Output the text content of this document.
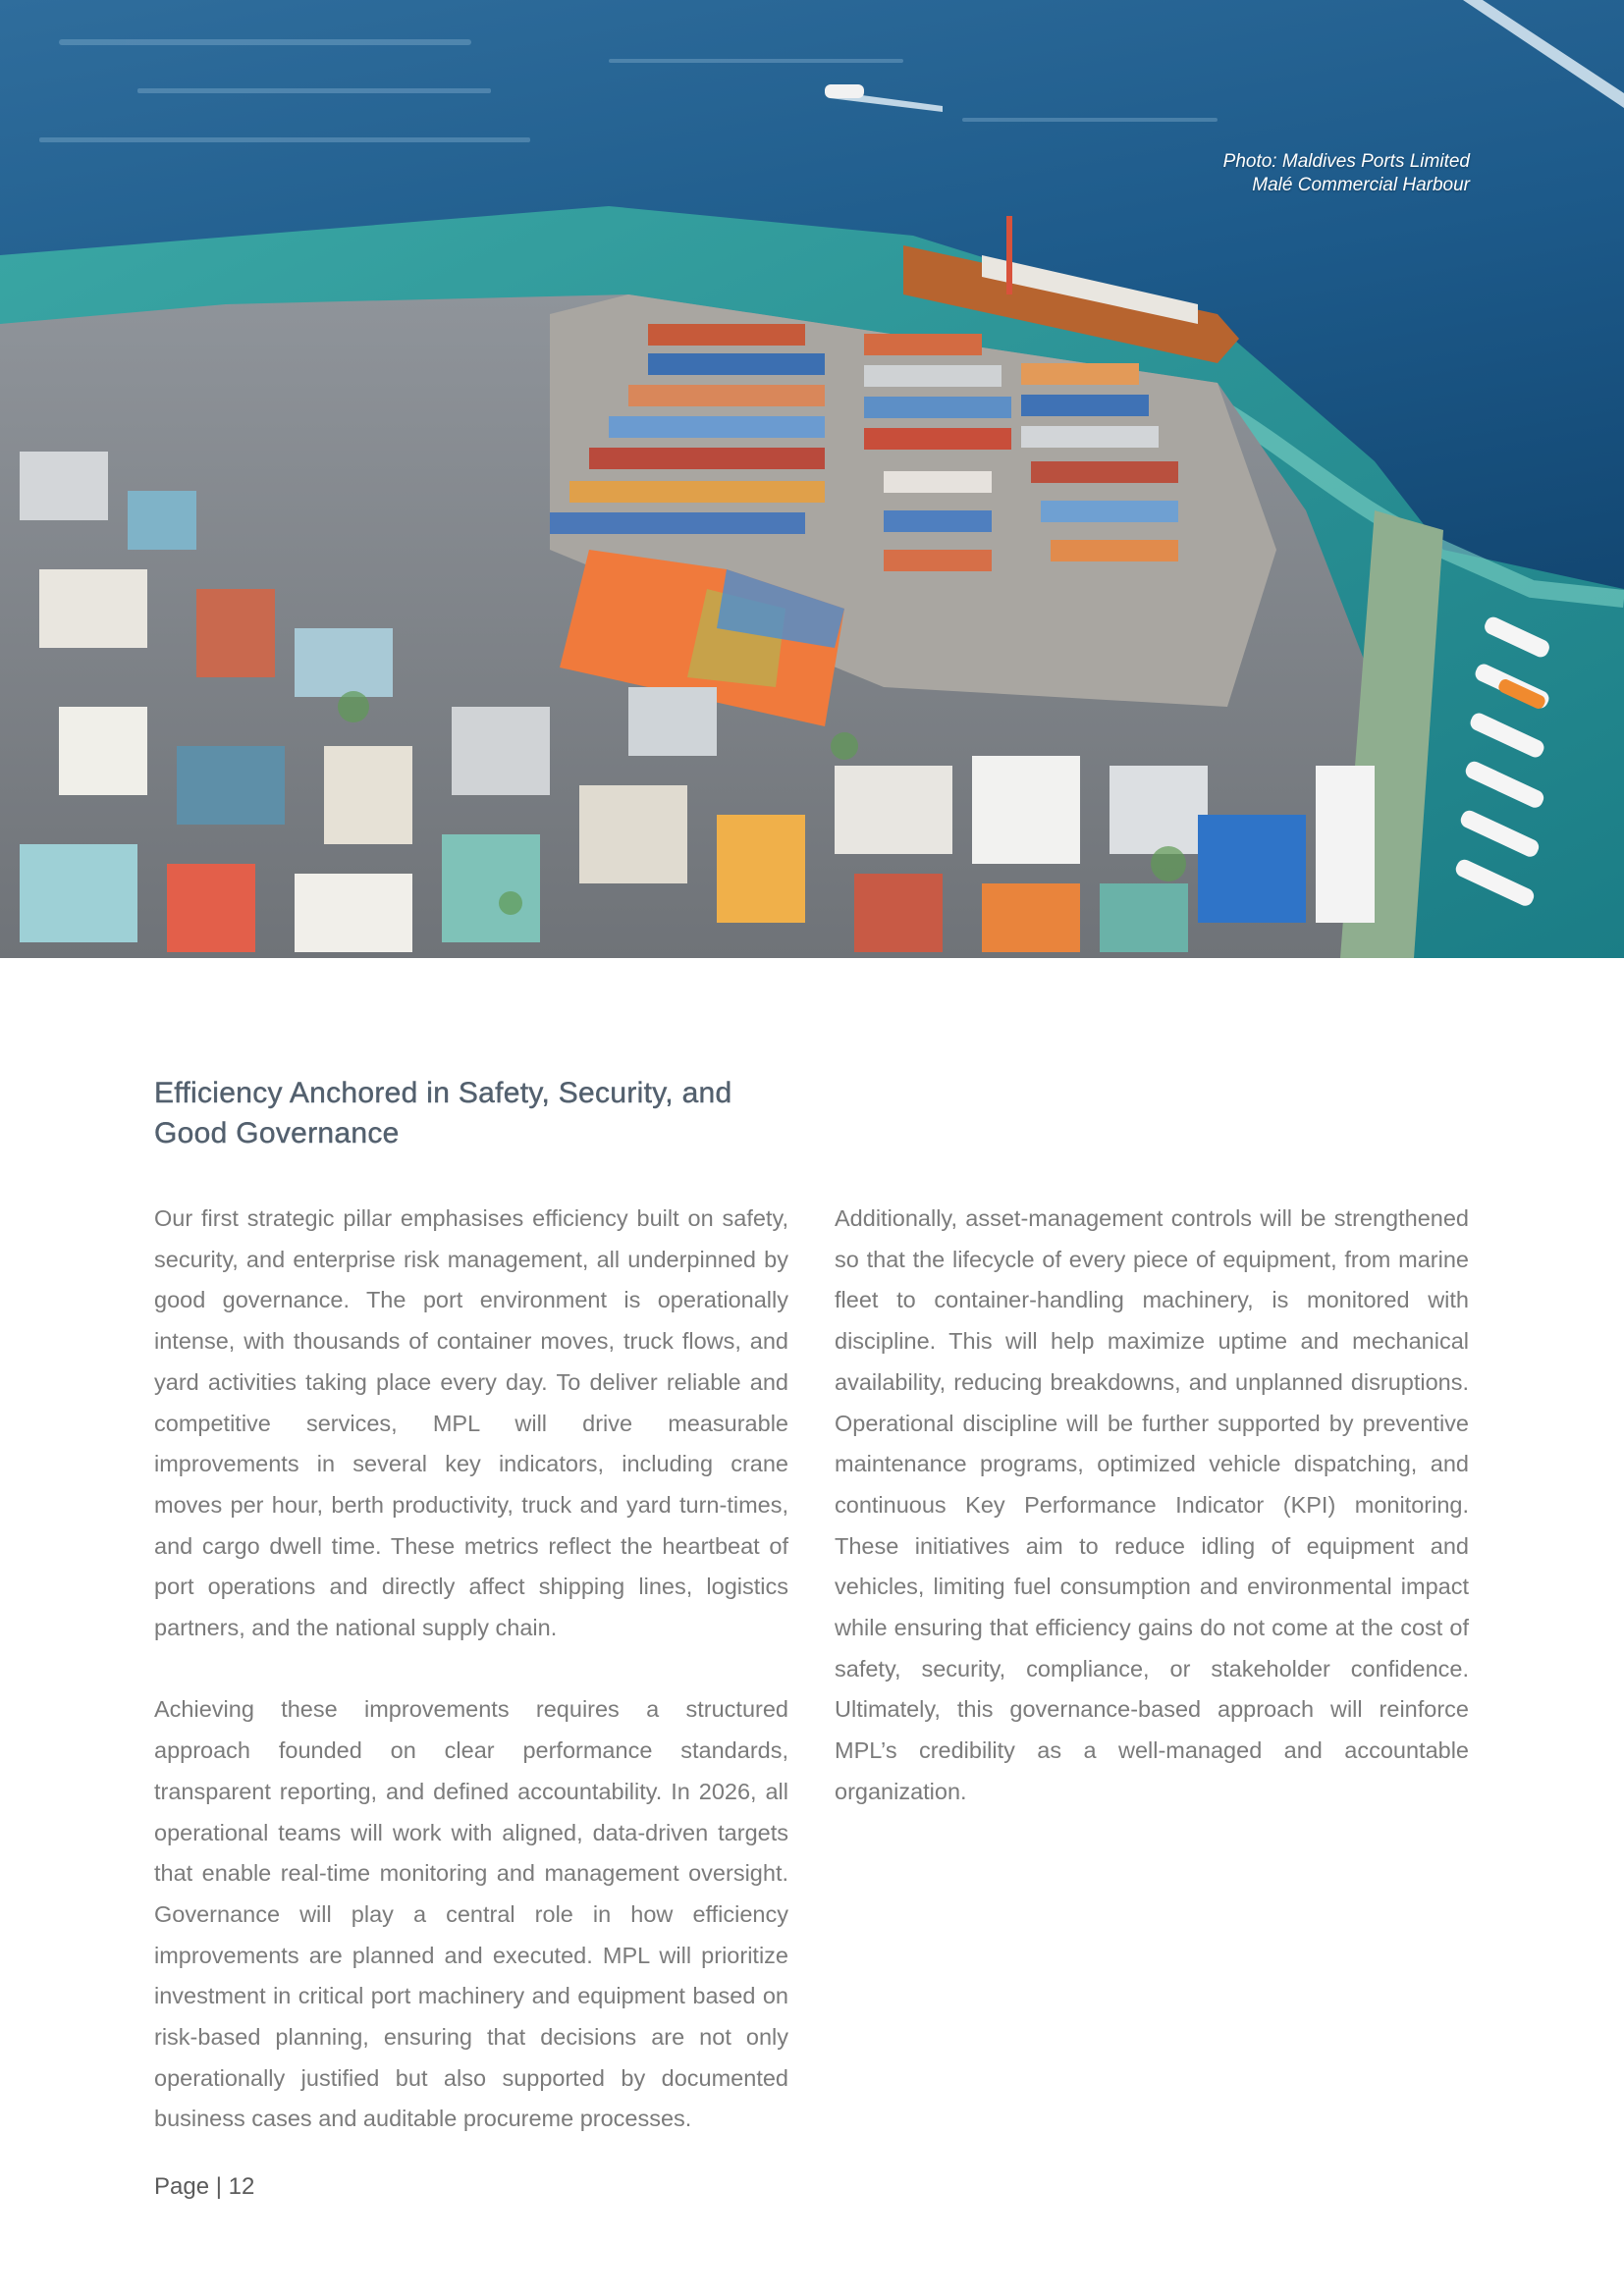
Photo: Maldives Ports Limited
Malé Commercial Harbour
Efficiency Anchored in Safety, Security, and Good Governance

Our first strategic pillar emphasises efficiency built on safety, security, and enterprise risk management, all underpinned by good governance. The port environment is operationally intense, with thousands of container moves, truck flows, and yard activities taking place every day. To deliver reliable and competitive services, MPL will drive measurable improvements in several key indicators, including crane moves per hour, berth productivity, truck and yard turn-times, and cargo dwell time. These metrics reflect the heartbeat of port operations and directly affect shipping lines, logistics partners, and the national supply chain.

Achieving these improvements requires a structured approach founded on clear performance standards, transparent reporting, and defined accountability. In 2026, all operational teams will work with aligned, data-driven targets that enable real-time monitoring and management oversight. Governance will play a central role in how efficiency improvements are planned and executed. MPL will prioritize investment in critical port machinery and equipment based on risk-based planning, ensuring that decisions are not only operationally justified but also supported by documented business cases and auditable procureme processes.

Additionally, asset-management controls will be strengthened so that the lifecycle of every piece of equipment, from marine fleet to container-handling machinery, is monitored with discipline. This will help maximize uptime and mechanical availability, reducing breakdowns, and unplanned disruptions. Operational discipline will be further supported by preventive maintenance programs, optimized vehicle dispatching, and continuous Key Performance Indicator (KPI) monitoring. These initiatives aim to reduce idling of equipment and vehicles, limiting fuel consumption and environmental impact while ensuring that efficiency gains do not come at the cost of safety, security, compliance, or stakeholder confidence. Ultimately, this governance-based approach will reinforce MPL’s credibility as a well-managed and accountable organization.

Page | 12
